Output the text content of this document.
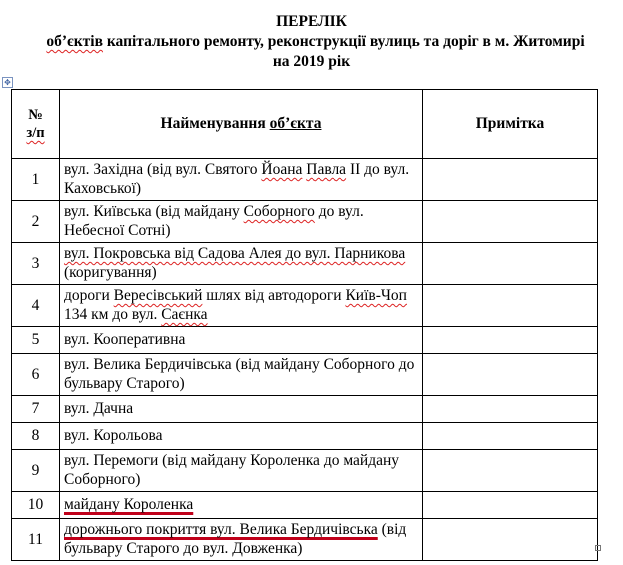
ПЕРЕЛІК
об’єктів капітального ремонту, реконструкції вулиць та доріг в м. Житомирі
на 2019 рік
✥
№
з/п	Найменування об’єкта	Примітка
1	вул. Західна (від вул. Святого Йоана Павла ІІ до вул. Каховської)	
2	вул. Київська (від майдану Соборного до вул. Небесної Сотні)	
3	вул. Покровська від Садова Алея до вул. Парникова (коригування)	
4	дороги Вересівський шлях від автодороги Київ-Чоп 134 км до вул. Саєнка	
5	вул. Кооперативна	
6	вул. Велика Бердичівська (від майдану Соборного до бульвару Старого)	
7	вул. Дачна	
8	вул. Корольова	
9	вул. Перемоги (від майдану Короленка до майдану Соборного)	
10	майдану Короленка	
11	дорожнього покриття вул. Велика Бердичівська (від бульвару Старого до вул. Довженка)	
